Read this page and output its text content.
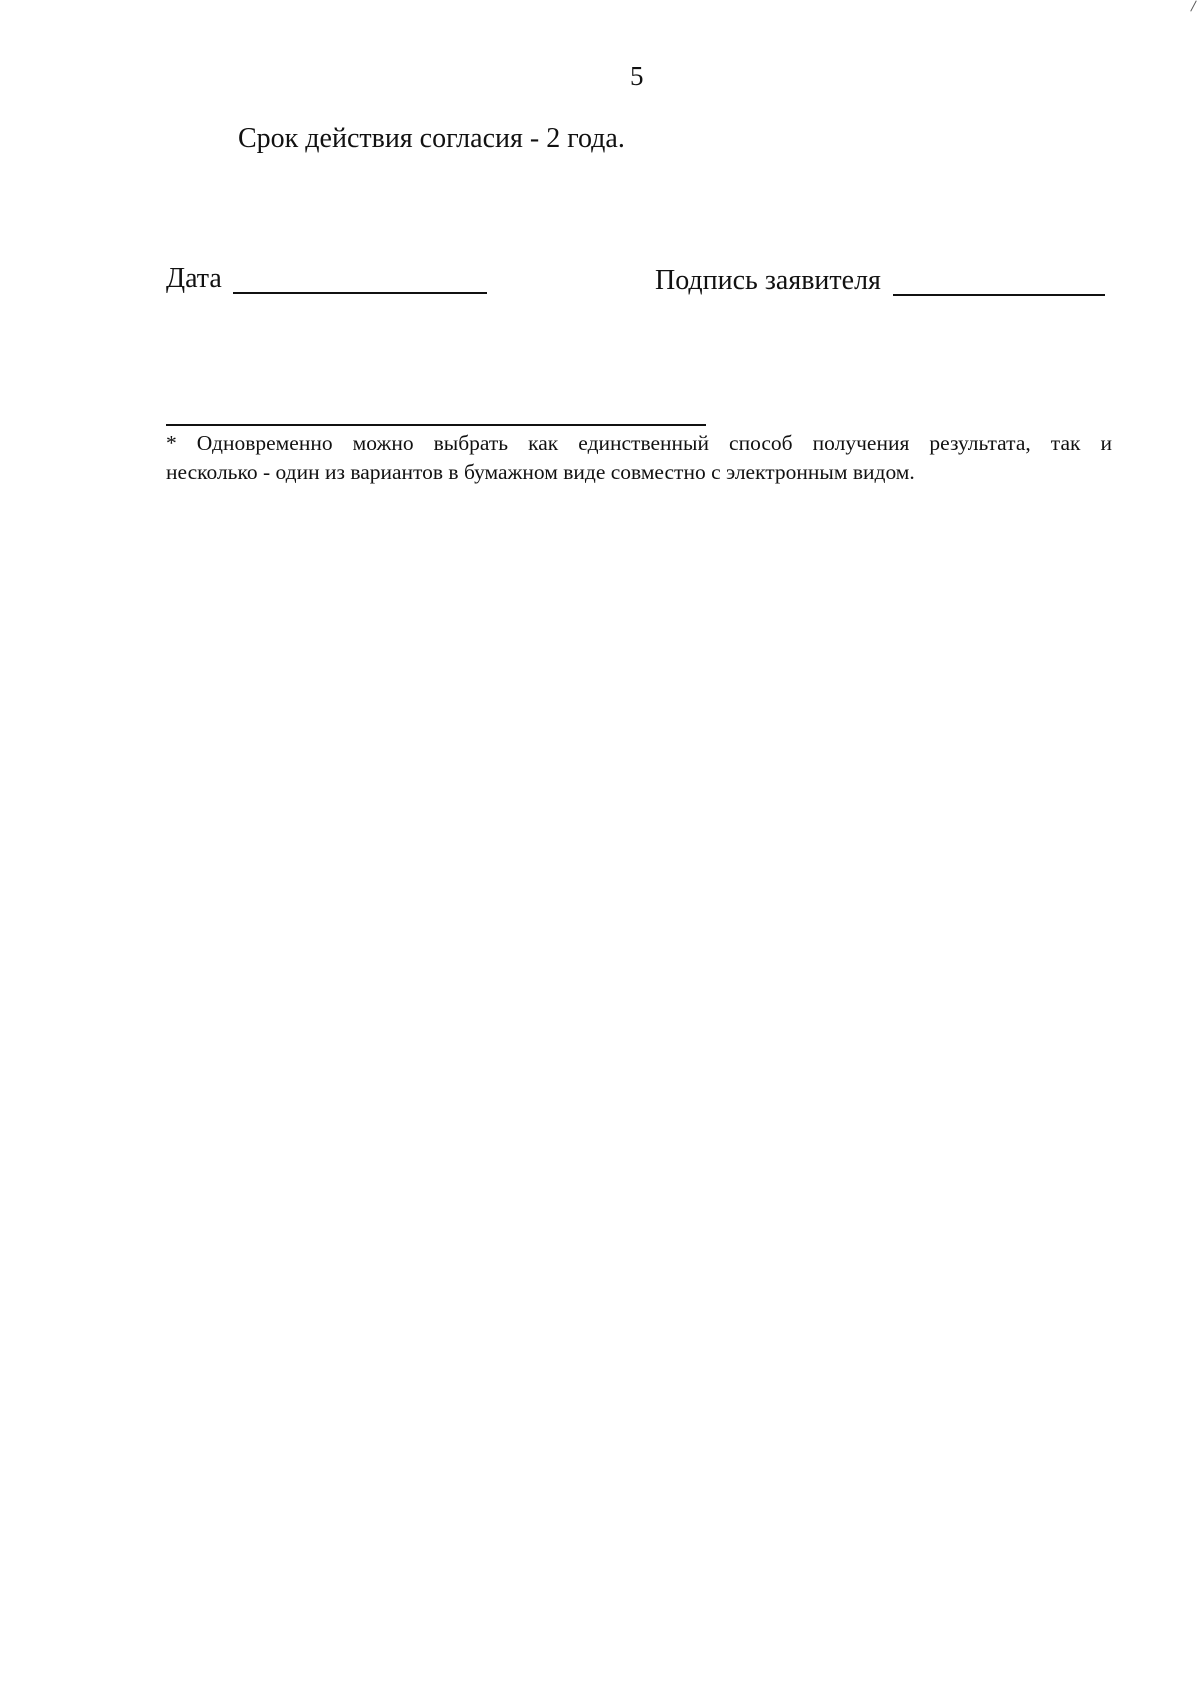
5
Срок действия согласия - 2 года.
Дата	Подпись заявителя
* Одновременно можно выбрать как единственный способ получения результата, так и
несколько - один из вариантов в бумажном виде совместно с электронным видом.
